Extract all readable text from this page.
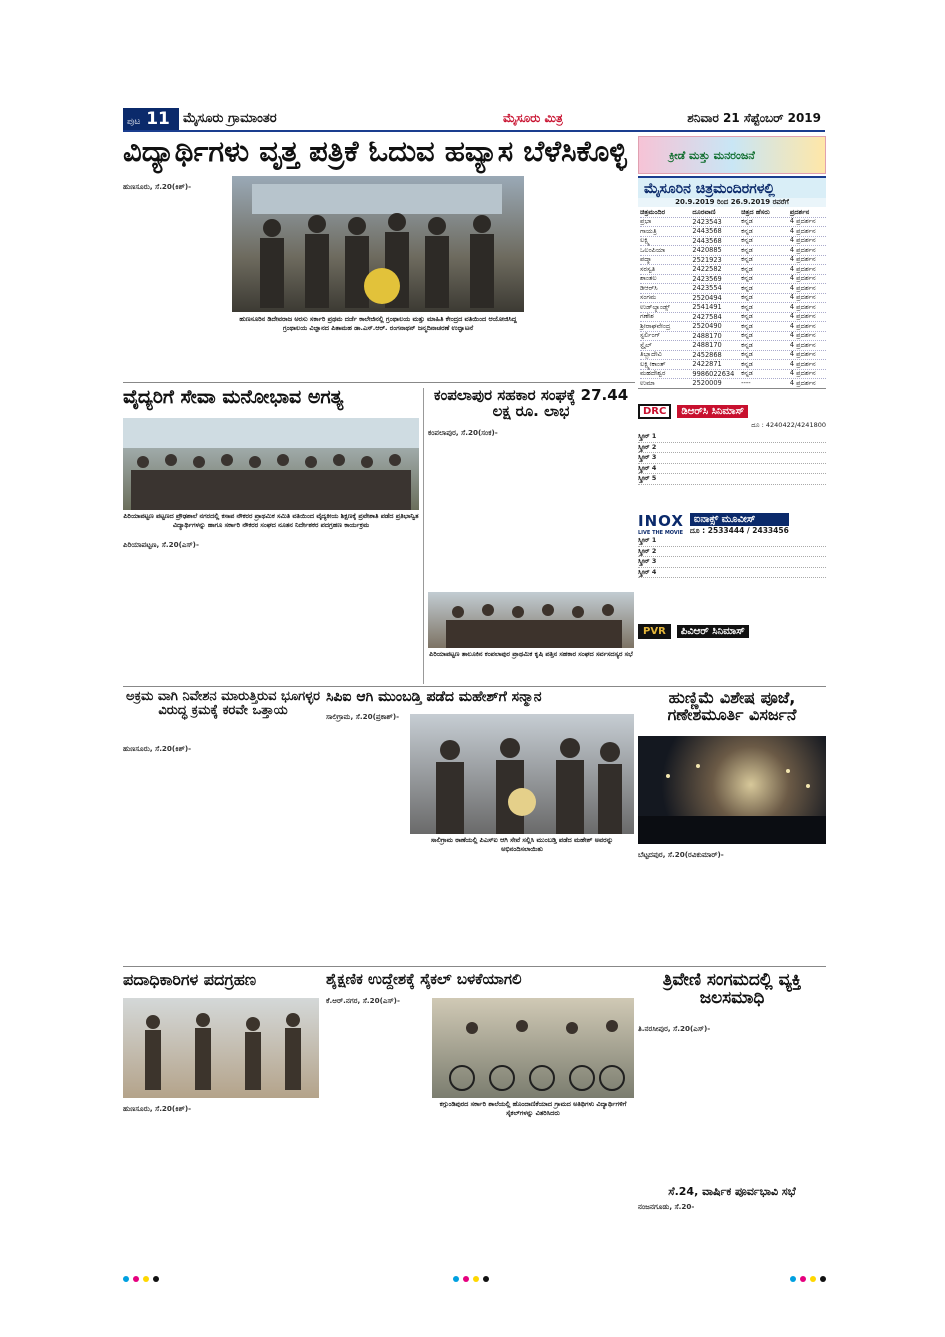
ಪುಟ 11	ಮೈಸೂರು ಗ್ರಾಮಾಂತರ	ಮೈಸೂರು ಮಿತ್ರ	ಶನಿವಾರ 21 ಸೆಪ್ಟೆಂಬರ್ 2019
ವಿದ್ಯಾರ್ಥಿಗಳು ವೃತ್ತ ಪತ್ರಿಕೆ ಓದುವ ಹವ್ಯಾಸ ಬೆಳೆಸಿಕೊಳ್ಳಿ
ಹುಣಸೂರು, ಸೆ.20(ಕಿಶ್)-
ಹುಣಸೂರಿನ ಡಿದೇವರಾಜ ಅರಸು ಸರ್ಕಾರಿ ಪ್ರಥಮ ದರ್ಜೆ ಕಾಲೇಜಿನಲ್ಲಿ ಗ್ರಂಥಾಲಯ ಮತ್ತು ಮಾಹಿತಿ ಕೇಂದ್ರದ ವತಿಯಿಂದ ಆಯೋಜಿಸಿದ್ದ ಗ್ರಂಥಾಲಯ ವಿಜ್ಞಾನದ ಪಿತಾಮಹ ಡಾ.ಎಸ್.ಆರ್. ರಂಗನಾಥನ್ ಜನ್ಮದಿನಾಚರಣೆ ಉದ್ಘಾಟನೆ
ಕ್ರೀಡೆ ಮತ್ತು ಮನರಂಜನೆ
ಮೈಸೂರಿನ ಚಿತ್ರಮಂದಿರಗಳಲ್ಲಿ
20.9.2019 ರಿಂದ 26.9.2019 ರವರೆಗೆ
ಚಿತ್ರಮಂದಿರ	ದೂರವಾಣಿ	ಚಿತ್ರದ ಹೆಸರು	ಪ್ರದರ್ಶನ
ಪ್ರಭಾ	2423543	ಕನ್ನಡ	4 ಪ್ರದರ್ಶನ
ಗಾಯತ್ರಿ	2443568	ಕನ್ನಡ	4 ಪ್ರದರ್ಶನ
ಲಕ್ಷ್ಮಿ	2443568	ಕನ್ನಡ	4 ಪ್ರದರ್ಶನ
ಒಲಂಪಿಯಾ	2420885	ಕನ್ನಡ	4 ಪ್ರದರ್ಶನ
ಪದ್ಮಾ	2521923	ಕನ್ನಡ	4 ಪ್ರದರ್ಶನ
ಸರಸ್ವತಿ	2422582	ಕನ್ನಡ	4 ಪ್ರದರ್ಶನ
ಶಾಂತಲ	2423569	ಕನ್ನಡ	4 ಪ್ರದರ್ಶನ
ಡಿಆರ್‌ಸಿ	2423554	ಕನ್ನಡ	4 ಪ್ರದರ್ಶನ
ಸಂಗಮ	2520494	ಕನ್ನಡ	4 ಪ್ರದರ್ಶನ
ಉಡ್‌ಲ್ಯಾಂಡ್ಸ್	2541491	ಕನ್ನಡ	4 ಪ್ರದರ್ಶನ
ಗಣೇಶ	2427584	ಕನ್ನಡ	4 ಪ್ರದರ್ಶನ
ಶ್ರೀರಾಘವೇಂದ್ರ	2520490	ಕನ್ನಡ	4 ಪ್ರದರ್ಶನ
ಸ್ಟರ್ಲಿಂಗ್	2488170	ಕನ್ನಡ	4 ಪ್ರದರ್ಶನ
ಸ್ಟೈಲ್	2488170	ಕನ್ನಡ	4 ಪ್ರದರ್ಶನ
ತಿಬ್ಬಾದೇವಿ	2452868	ಕನ್ನಡ	4 ಪ್ರದರ್ಶನ
ಲಕ್ಷ್ಮೀಕಾಂತ್	2422871	ಕನ್ನಡ	4 ಪ್ರದರ್ಶನ
ಮಹದೇಶ್ವರ	9986022634	ಕನ್ನಡ	4 ಪ್ರದರ್ಶನ
ಉಮಾ	2520009	----	4 ಪ್ರದರ್ಶನ
DRC	ಡಿಆರ್‌ಸಿ ಸಿನಿಮಾಸ್
ದೂ : 4240422/4241800
ಸ್ಕ್ರೀನ್ 1
ಸ್ಕ್ರೀನ್ 2
ಸ್ಕ್ರೀನ್ 3
ಸ್ಕ್ರೀನ್ 4
ಸ್ಕ್ರೀನ್ 5
INOX
LIVE THE MOVIE
ಐನಾಕ್ಸ್ ಮೂವೀಸ್
ದೂ : 2533444 / 2433456
ಸ್ಕ್ರೀನ್ 1
ಸ್ಕ್ರೀನ್ 2
ಸ್ಕ್ರೀನ್ 3
ಸ್ಕ್ರೀನ್ 4
PVR	ಪಿವಿಆರ್ ಸಿನಿಮಾಸ್
ವೈದ್ಯರಿಗೆ ಸೇವಾ ಮನೋಭಾವ ಅಗತ್ಯ
ಪಿರಿಯಾಪಟ್ಟಣ ಪಟ್ಟಣದ ಪ್ರೌಢಶಾಲೆ ನಗರದಲ್ಲಿ ಕಸಾಪ ನೌಕರರ ಪ್ರಾಥಮಿಕ ಸಮಿತಿ ವತಿಯಿಂದ ವೈದ್ಯಕೀಯ ಶಿಕ್ಷಣಕ್ಕೆ ಪ್ರವೇಶಾತಿ ಪಡೆದ ಪ್ರತಿಭಾನ್ವಿತ ವಿದ್ಯಾರ್ಥಿಗಳನ್ನು ಹಾಗೂ ಸರ್ಕಾರಿ ನೌಕರರ ಸಂಘದ ನೂತನ ನಿರ್ದೇಶಕರ ಪದಗ್ರಹಣ ಕಾರ್ಯಕ್ರಮ
ಪಿರಿಯಾಪಟ್ಟಣ, ಸೆ.20(ಎಸ್)-
ಕಂಪಲಾಪುರ ಸಹಕಾರ ಸಂಘಕ್ಕೆ 27.44 ಲಕ್ಷ ರೂ. ಲಾಭ
ಕಂಪಲಾಪುರ, ಸೆ.20(ಸಂಕ)-
ಪಿರಿಯಾಪಟ್ಟಣ ತಾಲೂಕಿನ ಕಂಪಲಾಪುರ ಪ್ರಾಥಮಿಕ ಕೃಷಿ ಪತ್ತಿನ ಸಹಕಾರ ಸಂಘದ ಸರ್ವಸದಸ್ಯರ ಸಭೆ
ಅಕ್ರಮ ವಾಗಿ ನಿವೇಶನ ಮಾರುತ್ತಿರುವ ಭೂಗಳ್ಳರ ವಿರುದ್ಧ ಕ್ರಮಕ್ಕೆ ಕರವೇ ಒತ್ತಾಯ
ಹುಣಸೂರು, ಸೆ.20(ಕಿಶ್)-
ಸಿಪಿಐ ಆಗಿ ಮುಂಬಡ್ತಿ ಪಡೆದ ಮಹೇಶ್‌ಗೆ ಸನ್ಮಾನ
ಸಾಲಿಗ್ರಾಮ, ಸೆ.20(ಪ್ರಕಾಶ್)-
ಸಾಲಿಗ್ರಾಮ ಠಾಣೆಯಲ್ಲಿ ಪಿಎಸ್‌ಐ ಆಗಿ ಸೇವೆ ಸಲ್ಲಿಸಿ ಮುಂಬಡ್ತಿ ಪಡೆದ ಮಹೇಶ್ ಅವರನ್ನು ಅಭಿನಂದಿಸಲಾಯಿತು
ಹುಣ್ಣಿಮೆ ವಿಶೇಷ ಪೂಜೆ, ಗಣೇಶಮೂರ್ತಿ ವಿಸರ್ಜನೆ
ಬೆಟ್ಟದಪುರ, ಸೆ.20(ರವಿಕುಮಾರ್)-
ಪದಾಧಿಕಾರಿಗಳ ಪದಗ್ರಹಣ
ಹುಣಸೂರು, ಸೆ.20(ಕಿಶ್)-
ಶೈಕ್ಷಣಿಕ ಉದ್ದೇಶಕ್ಕೆ ಸೈಕಲ್ ಬಳಕೆಯಾಗಲಿ
ಕೆ.ಆರ್.ನಗರ, ಸೆ.20(ಎಸ್)-
ಕಗ್ಗುಂಡಿಪುರದ ಸರ್ಕಾರಿ ಶಾಲೆಯಲ್ಲಿ ಹೊಂದಾಣಿಕೆಯಾದ ಗ್ರಾಮದ ಅತಿಥಿಗಳು ವಿದ್ಯಾರ್ಥಿಗಳಿಗೆ ಸೈಕಲ್‌ಗಳನ್ನು ವಿತರಿಸಿದರು
ತ್ರಿವೇಣಿ ಸಂಗಮದಲ್ಲಿ ವ್ಯಕ್ತಿ ಜಲಸಮಾಧಿ
ತಿ.ನರಸೀಪುರ, ಸೆ.20(ಎಸ್)-
ಸೆ.24, ವಾರ್ಷಿಕ ಪೂರ್ವಭಾವಿ ಸಭೆ
ನಂಜನಗೂಡು, ಸೆ.20-
